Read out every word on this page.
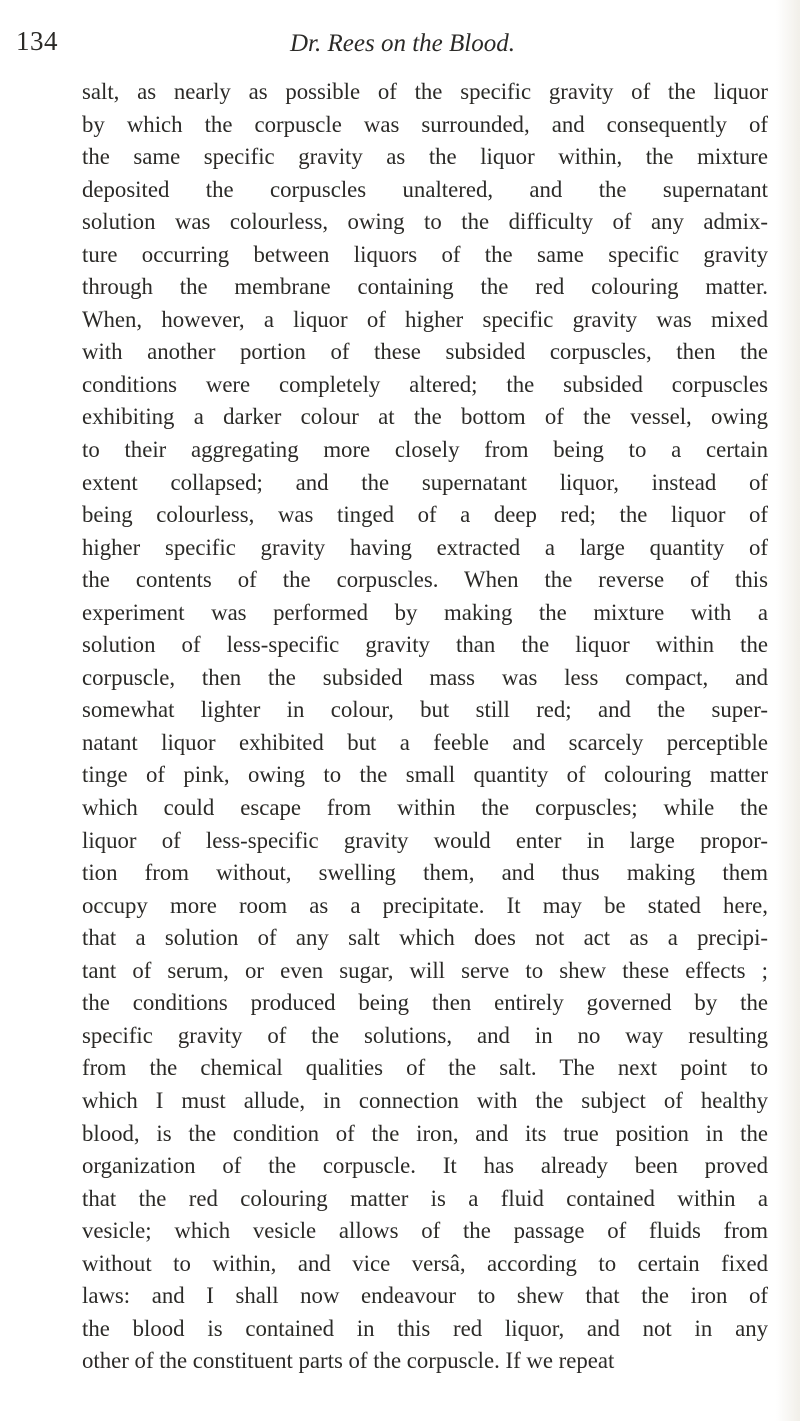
134	Dr. Rees on the Blood.
salt, as nearly as possible of the specific gravity of the liquor
by which the corpuscle was surrounded, and consequently of
the same specific gravity as the liquor within, the mixture
deposited the corpuscles unaltered, and the supernatant
solution was colourless, owing to the difficulty of any admix-
ture occurring between liquors of the same specific gravity
through the membrane containing the red colouring matter.
When, however, a liquor of higher specific gravity was mixed
with another portion of these subsided corpuscles, then the
conditions were completely altered; the subsided corpuscles
exhibiting a darker colour at the bottom of the vessel, owing
to their aggregating more closely from being to a certain
extent collapsed; and the supernatant liquor, instead of
being colourless, was tinged of a deep red; the liquor of
higher specific gravity having extracted a large quantity of
the contents of the corpuscles. When the reverse of this
experiment was performed by making the mixture with a
solution of less-specific gravity than the liquor within the
corpuscle, then the subsided mass was less compact, and
somewhat lighter in colour, but still red; and the super-
natant liquor exhibited but a feeble and scarcely perceptible
tinge of pink, owing to the small quantity of colouring matter
which could escape from within the corpuscles; while the
liquor of less-specific gravity would enter in large propor-
tion from without, swelling them, and thus making them
occupy more room as a precipitate. It may be stated here,
that a solution of any salt which does not act as a precipi-
tant of serum, or even sugar, will serve to shew these effects ;
the conditions produced being then entirely governed by the
specific gravity of the solutions, and in no way resulting
from the chemical qualities of the salt. The next point to
which I must allude, in connection with the subject of healthy
blood, is the condition of the iron, and its true position in the
organization of the corpuscle. It has already been proved
that the red colouring matter is a fluid contained within a
vesicle; which vesicle allows of the passage of fluids from
without to within, and vice versâ, according to certain fixed
laws: and I shall now endeavour to shew that the iron of
the blood is contained in this red liquor, and not in any
other of the constituent parts of the corpuscle. If we repeat
